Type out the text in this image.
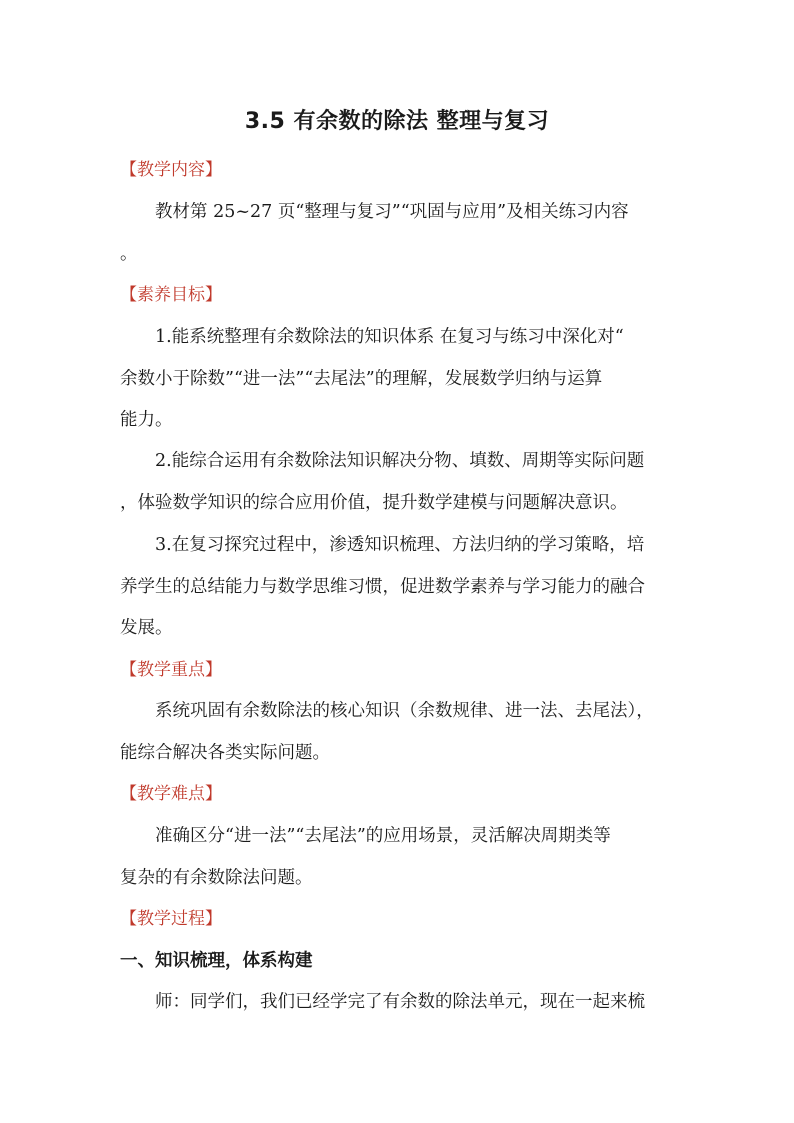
3.5 有余数的除法 整理与复习

【教学内容】

教材第 25~27 页“整理与复习”“巩固与应用”及相关练习内容

。

【素养目标】

1.能系统整理有余数除法的知识体系 在复习与练习中深化对“

余数小于除数”“进一法”“去尾法”的理解，发展数学归纳与运算

能力。

2.能综合运用有余数除法知识解决分物、填数、周期等实际问题

，体验数学知识的综合应用价值，提升数学建模与问题解决意识。

3.在复习探究过程中，渗透知识梳理、方法归纳的学习策略，培

养学生的总结能力与数学思维习惯，促进数学素养与学习能力的融合

发展。

【教学重点】

系统巩固有余数除法的核心知识（余数规律、进一法、去尾法），

能综合解决各类实际问题。

【教学难点】

准确区分“进一法”“去尾法”的应用场景，灵活解决周期类等

复杂的有余数除法问题。

【教学过程】

一、知识梳理，体系构建

师：同学们，我们已经学完了有余数的除法单元，现在一起来梳
